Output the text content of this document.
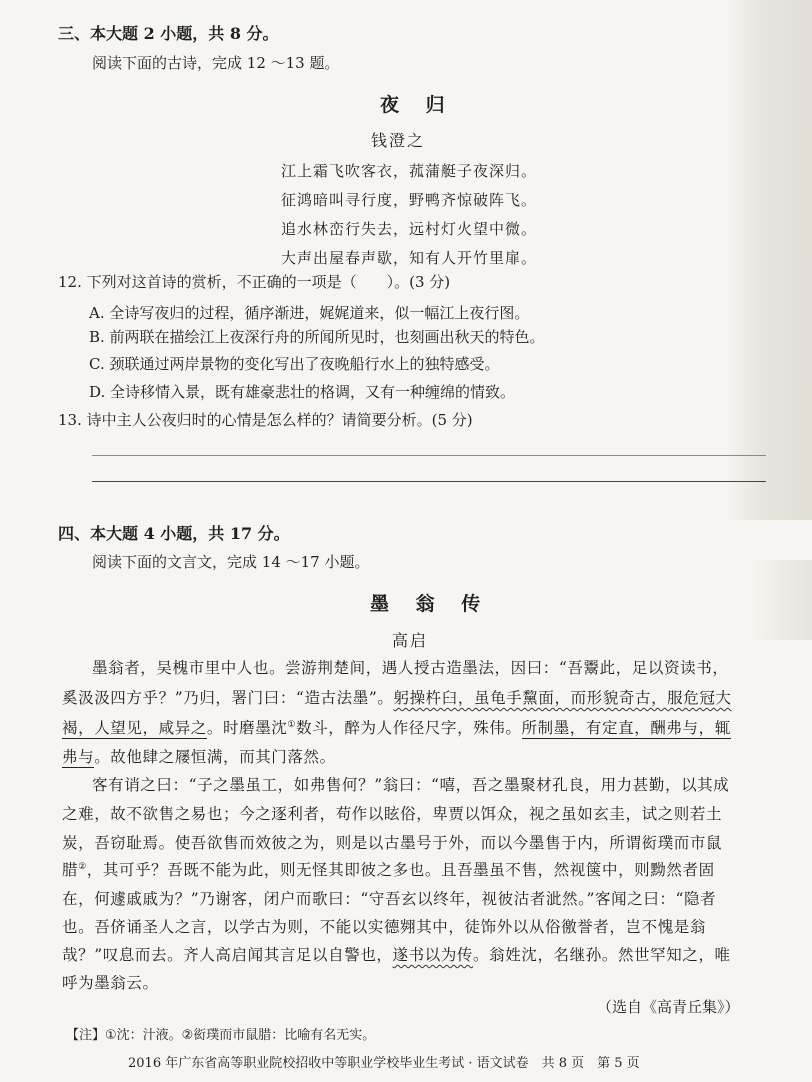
三、本大题 2 小题，共 8 分。
阅读下面的古诗，完成 12 ～13 题。
夜 归
钱澄之
江上霜飞吹客衣，菰蒲艇子夜深归。
征鸿暗叫寻行度，野鸭齐惊破阵飞。
追水林峦行失去，远村灯火望中微。
大声出屋春声歇，知有人开竹里扉。
12. 下列对这首诗的赏析，不正确的一项是（　　）。(3 分)
A. 全诗写夜归的过程，循序渐进，娓娓道来，似一幅江上夜行图。
B. 前两联在描绘江上夜深行舟的所闻所见时，也刻画出秋天的特色。
C. 颈联通过两岸景物的变化写出了夜晚船行水上的独特感受。
D. 全诗移情入景，既有雄豪悲壮的格调，又有一种缠绵的情致。
13. 诗中主人公夜归时的心情是怎么样的？请简要分析。(5 分)
四、本大题 4 小题，共 17 分。
阅读下面的文言文，完成 14 ～17 小题。
墨 翁 传
高启
墨翁者，吴槐市里中人也。尝游荆楚间，遇人授古造墨法，因曰：“吾鬻此，足以资读书，
奚汲汲四方乎？”乃归，署门曰：“造古法墨”。躬操杵臼，虽龟手黧面，而形貌奇古，服危冠大
褐，人望见，咸异之。时磨墨沈①数斗，醉为人作径尺字，殊伟。所制墨，有定直，酬弗与，辄
弗与。故他肆之屦恒满，而其门落然。
客有诮之曰：“子之墨虽工，如弗售何？”翁曰：“嘻，吾之墨聚材孔良，用力甚勤，以其成
之难，故不欲售之易也；今之逐利者，苟作以眩俗，卑贾以饵众，视之虽如玄圭，试之则若土
炭，吾窃耻焉。使吾欲售而效彼之为，则是以古墨号于外，而以今墨售于内，所谓衒璞而市鼠
腊②，其可乎？吾既不能为此，则无怪其即彼之多也。且吾墨虽不售，然视箧中，则黝然者固
在，何遽戚戚为？”乃谢客，闭户而歌曰：“守吾玄以终年，视彼沽者泚然。”客闻之曰：“隐者
也。吾侪诵圣人之言，以学古为则，不能以实德翙其中，徒饰外以从俗徼誉者，岂不愧是翁
哉？”叹息而去。齐人高启闻其言足以自警也，遂书以为传。翁姓沈，名继孙。然世罕知之，唯
呼为墨翁云。
（选自《高青丘集》）
【注】①沈：汁液。②衒璞而市鼠腊：比喻有名无实。
2016 年广东省高等职业院校招收中等职业学校毕业生考试 · 语文试卷　共 8 页　第 5 页
